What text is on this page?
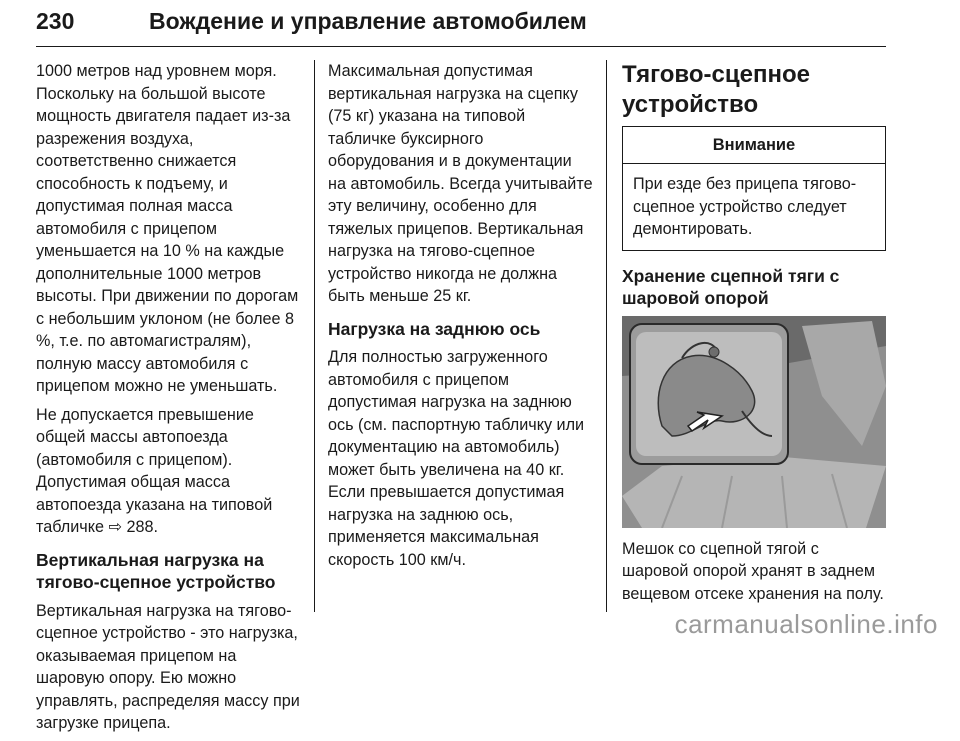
230	Вождение и управление автомобилем

1000 метров над уровнем моря. Поскольку на большой высоте мощность двигателя падает из-за разрежения воздуха, соответственно снижается способность к подъему, и допустимая полная масса автомобиля с прицепом уменьшается на 10 % на каждые дополнительные 1000 метров высоты. При движении по дорогам с небольшим уклоном (не более 8 %, т.е. по автомагистралям), полную массу автомобиля с прицепом можно не уменьшать.

Не допускается превышение общей массы автопоезда (автомобиля с прицепом). Допустимая общая масса автопоезда указана на типовой табличке ⇨ 288.

Вертикальная нагрузка на тягово-сцепное устройство

Вертикальная нагрузка на тягово-сцепное устройство - это нагрузка, оказываемая прицепом на шаровую опору. Ею можно управлять, распределяя массу при загрузке прицепа.

Максимальная допустимая вертикальная нагрузка на сцепку (75 кг) указана на типовой табличке буксирного оборудования и в документации на автомобиль. Всегда учитывайте эту величину, особенно для тяжелых прицепов. Вертикальная нагрузка на тягово-сцепное устройство никогда не должна быть меньше 25 кг.

Нагрузка на заднюю ось

Для полностью загруженного автомобиля с прицепом допустимая нагрузка на заднюю ось (см. паспортную табличку или документацию на автомобиль) может быть увеличена на 40 кг. Если превышается допустимая нагрузка на заднюю ось, применяется максимальная скорость 100 км/ч.

Тягово-сцепное устройство
Внимание
При езде без прицепа тягово-сцепное устройство следует демонтировать.
Хранение сцепной тяги с шаровой опорой

Мешок со сцепной тягой с шаровой опорой хранят в заднем вещевом отсеке хранения на полу.

carmanualsonline.info
